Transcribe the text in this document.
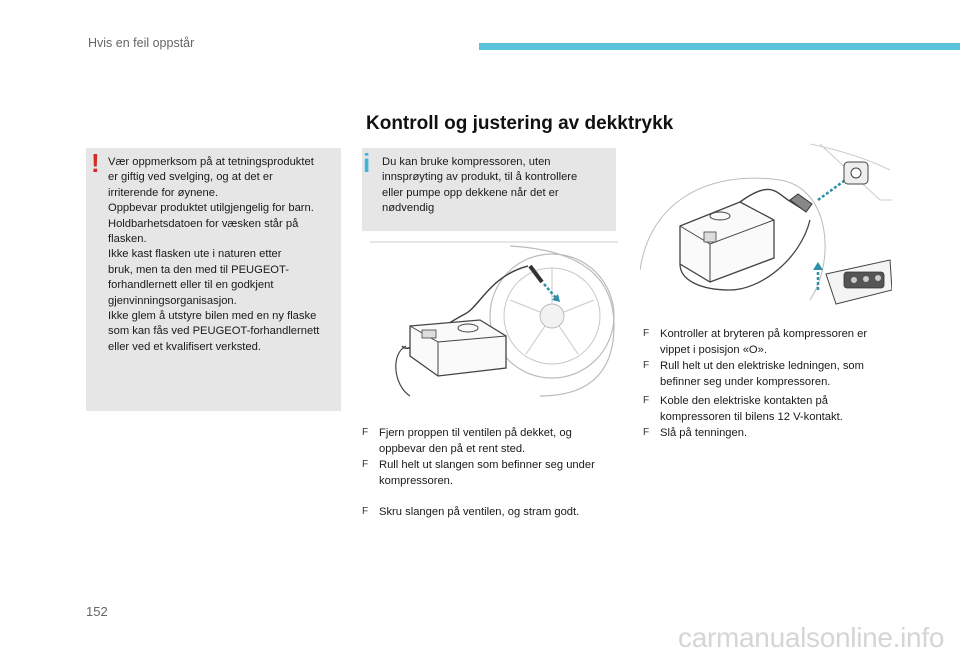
Hvis en feil oppstår
Kontroll og justering av dekktrykk
! Vær oppmerksom på at tetningsproduktet
er giftig ved svelging, og at det er
irriterende for øynene.
Oppbevar produktet utilgjengelig for barn.
Holdbarhetsdatoen for væsken står på
flasken.
Ikke kast flasken ute i naturen etter
bruk, men ta den med til PEUGEOT-
forhandlernett eller til en godkjent
gjenvinningsorganisasjon.
Ikke glem å utstyre bilen med en ny flaske
som kan fås ved PEUGEOT-forhandlernett
eller ved et kvalifisert verksted.
i Du kan bruke kompressoren, uten
innsprøyting av produkt, til å kontrollere
eller pumpe opp dekkene når det er
nødvendig
F Fjern proppen til ventilen på dekket, og
oppbevar den på et rent sted.
F Rull helt ut slangen som befinner seg under
kompressoren.
F Skru slangen på ventilen, og stram godt.
F Kontroller at bryteren på kompressoren er
vippet i posisjon «O».
F Rull helt ut den elektriske ledningen, som
befinner seg under kompressoren.
F Koble den elektriske kontakten på
kompressoren til bilens 12 V-kontakt.
F Slå på tenningen.
152
carmanualsonline.info
